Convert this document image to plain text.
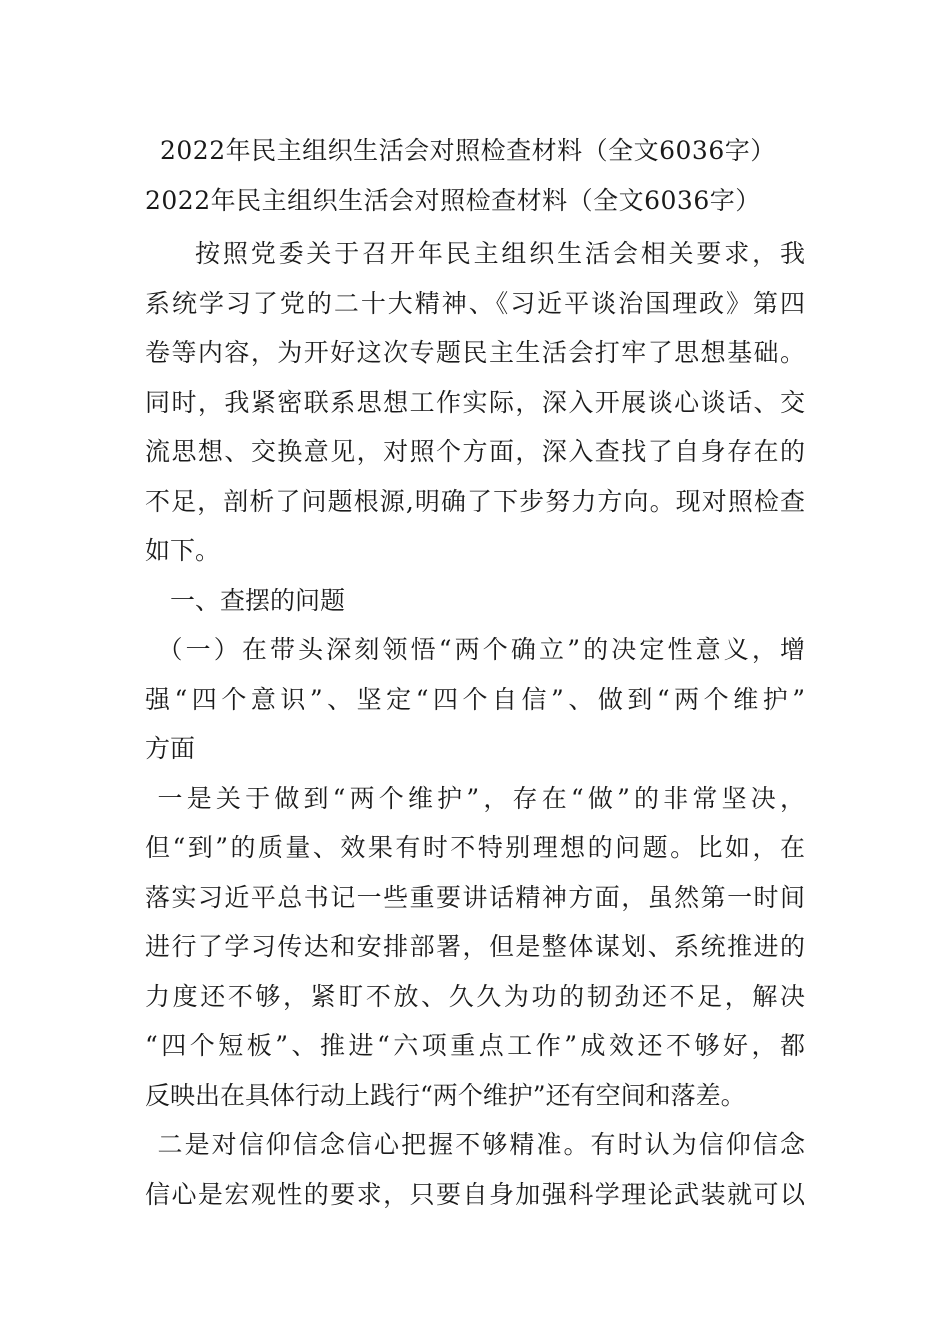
2022年民主组织生活会对照检查材料（全文6036字）
2022年民主组织生活会对照检查材料（全文6036字）
按照党委关于召开年民主组织生活会相关要求，我
系统学习了党的二十大精神、《习近平谈治国理政》第四
卷等内容，为开好这次专题民主生活会打牢了思想基础。
同时，我紧密联系思想工作实际，深入开展谈心谈话、交
流思想、交换意见，对照个方面，深入查找了自身存在的
不足，剖析了问题根源,明确了下步努力方向。现对照检查
如下。
一、查摆的问题
（一）在带头深刻领悟“两个确立”的决定性意义，增
强“四个意识”、坚定“四个自信”、做到“两个维护”
方面
一是关于做到“两个维护”，存在“做”的非常坚决，
但“到”的质量、效果有时不特别理想的问题。比如，在
落实习近平总书记一些重要讲话精神方面，虽然第一时间
进行了学习传达和安排部署，但是整体谋划、系统推进的
力度还不够，紧盯不放、久久为功的韧劲还不足，解决
“四个短板”、推进“六项重点工作”成效还不够好，都
反映出在具体行动上践行“两个维护”还有空间和落差。
二是对信仰信念信心把握不够精准。有时认为信仰信念
信心是宏观性的要求，只要自身加强科学理论武装就可以
